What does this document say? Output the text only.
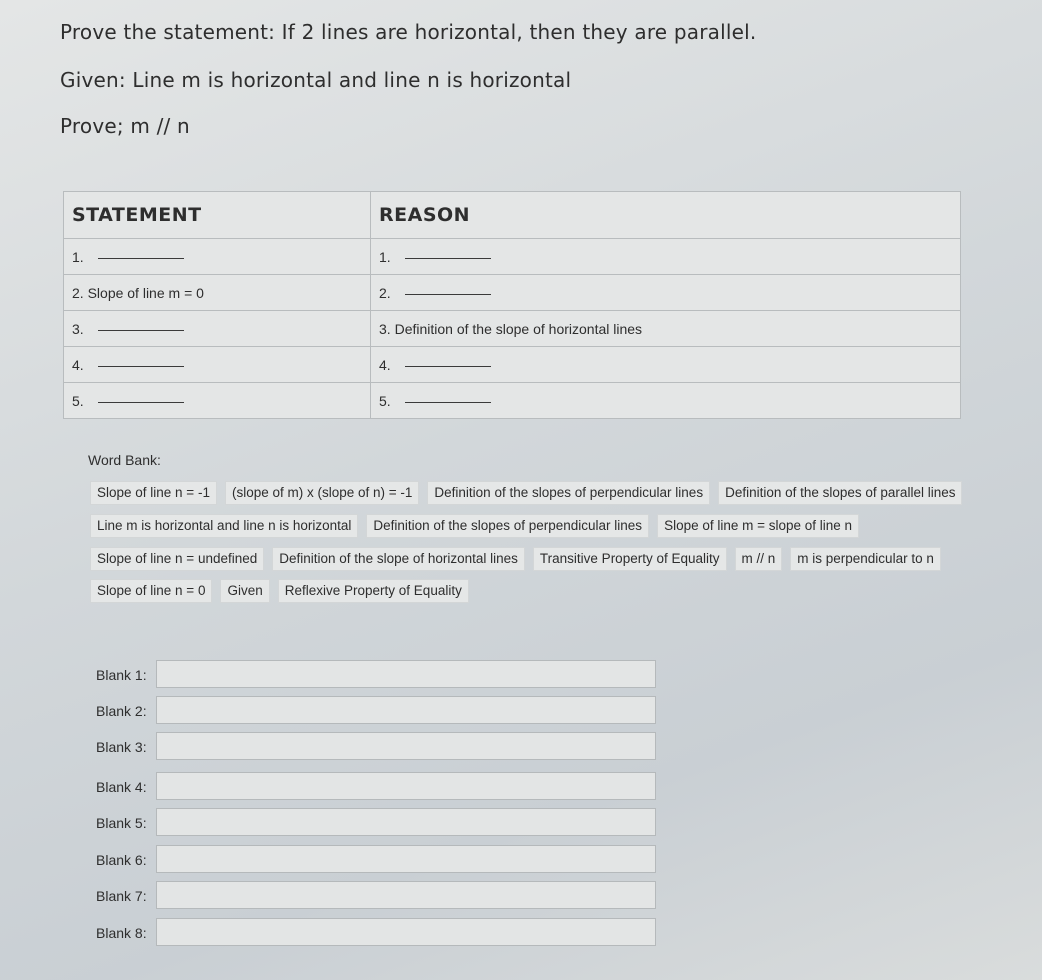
Prove the statement: If 2 lines are horizontal, then they are parallel.
Given: Line m is horizontal and line n is horizontal
Prove; m // n
STATEMENT	REASON
1.	1.
2. Slope of line m = 0	2.
3.	3. Definition of the slope of horizontal lines
4.	4.
5.	5.
Word Bank:
Slope of line n = -1	(slope of m) x (slope of n) = -1	Definition of the slopes of perpendicular lines	Definition of the slopes of parallel lines
Line m is horizontal and line n is horizontal	Definition of the slopes of perpendicular lines	Slope of line m = slope of line n
Slope of line n = undefined	Definition of the slope of horizontal lines	Transitive Property of Equality	m // n	m is perpendicular to n
Slope of line n = 0	Given	Reflexive Property of Equality
Blank 1:
Blank 2:
Blank 3:
Blank 4:
Blank 5:
Blank 6:
Blank 7:
Blank 8:
